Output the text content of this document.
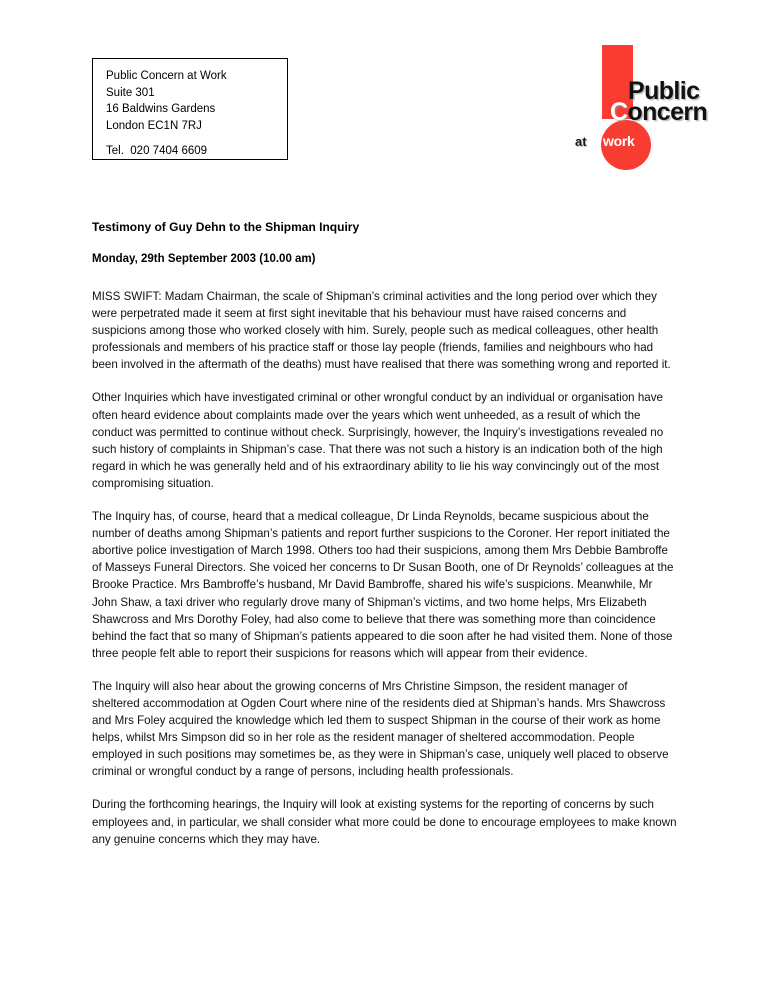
Public Concern at Work
Suite 301
16 Baldwins Gardens
London EC1N 7RJ
Tel.  020 7404 6609
Public
Concern
at work
Testimony of Guy Dehn to the Shipman Inquiry
Monday, 29th September 2003 (10.00 am)

MISS SWIFT: Madam Chairman, the scale of Shipman’s criminal activities and the long period over which they were perpetrated made it seem at first sight inevitable that his behaviour must have raised concerns and suspicions among those who worked closely with him. Surely, people such as medical colleagues, other health professionals and members of his practice staff or those lay people (friends, families and neighbours who had been involved in the aftermath of the deaths) must have realised that there was something wrong and reported it.

Other Inquiries which have investigated criminal or other wrongful conduct by an individual or organisation have often heard evidence about complaints made over the years which went unheeded, as a result of which the conduct was permitted to continue without check. Surprisingly, however, the Inquiry’s investigations revealed no such history of complaints in Shipman’s case. That there was not such a history is an indication both of the high regard in which he was generally held and of his extraordinary ability to lie his way convincingly out of the most compromising situation.

The Inquiry has, of course, heard that a medical colleague, Dr Linda Reynolds, became suspicious about the number of deaths among Shipman’s patients and report further suspicions to the Coroner. Her report initiated the abortive police investigation of March 1998. Others too had their suspicions, among them Mrs Debbie Bambroffe of Masseys Funeral Directors. She voiced her concerns to Dr Susan Booth, one of Dr Reynolds’ colleagues at the Brooke Practice. Mrs Bambroffe’s husband, Mr David Bambroffe, shared his wife’s suspicions. Meanwhile, Mr John Shaw, a taxi driver who regularly drove many of Shipman’s victims, and two home helps, Mrs Elizabeth Shawcross and Mrs Dorothy Foley, had also come to believe that there was something more than coincidence behind the fact that so many of Shipman’s patients appeared to die soon after he had visited them. None of those three people felt able to report their suspicions for reasons which will appear from their evidence.

The Inquiry will also hear about the growing concerns of Mrs Christine Simpson, the resident manager of sheltered accommodation at Ogden Court where nine of the residents died at Shipman’s hands. Mrs Shawcross and Mrs Foley acquired the knowledge which led them to suspect Shipman in the course of their work as home helps, whilst Mrs Simpson did so in her role as the resident manager of sheltered accommodation. People employed in such positions may sometimes be, as they were in Shipman’s case, uniquely well placed to observe criminal or wrongful conduct by a range of persons, including health professionals.

During the forthcoming hearings, the Inquiry will look at existing systems for the reporting of concerns by such employees and, in particular, we shall consider what more could be done to encourage employees to make known any genuine concerns which they may have.
